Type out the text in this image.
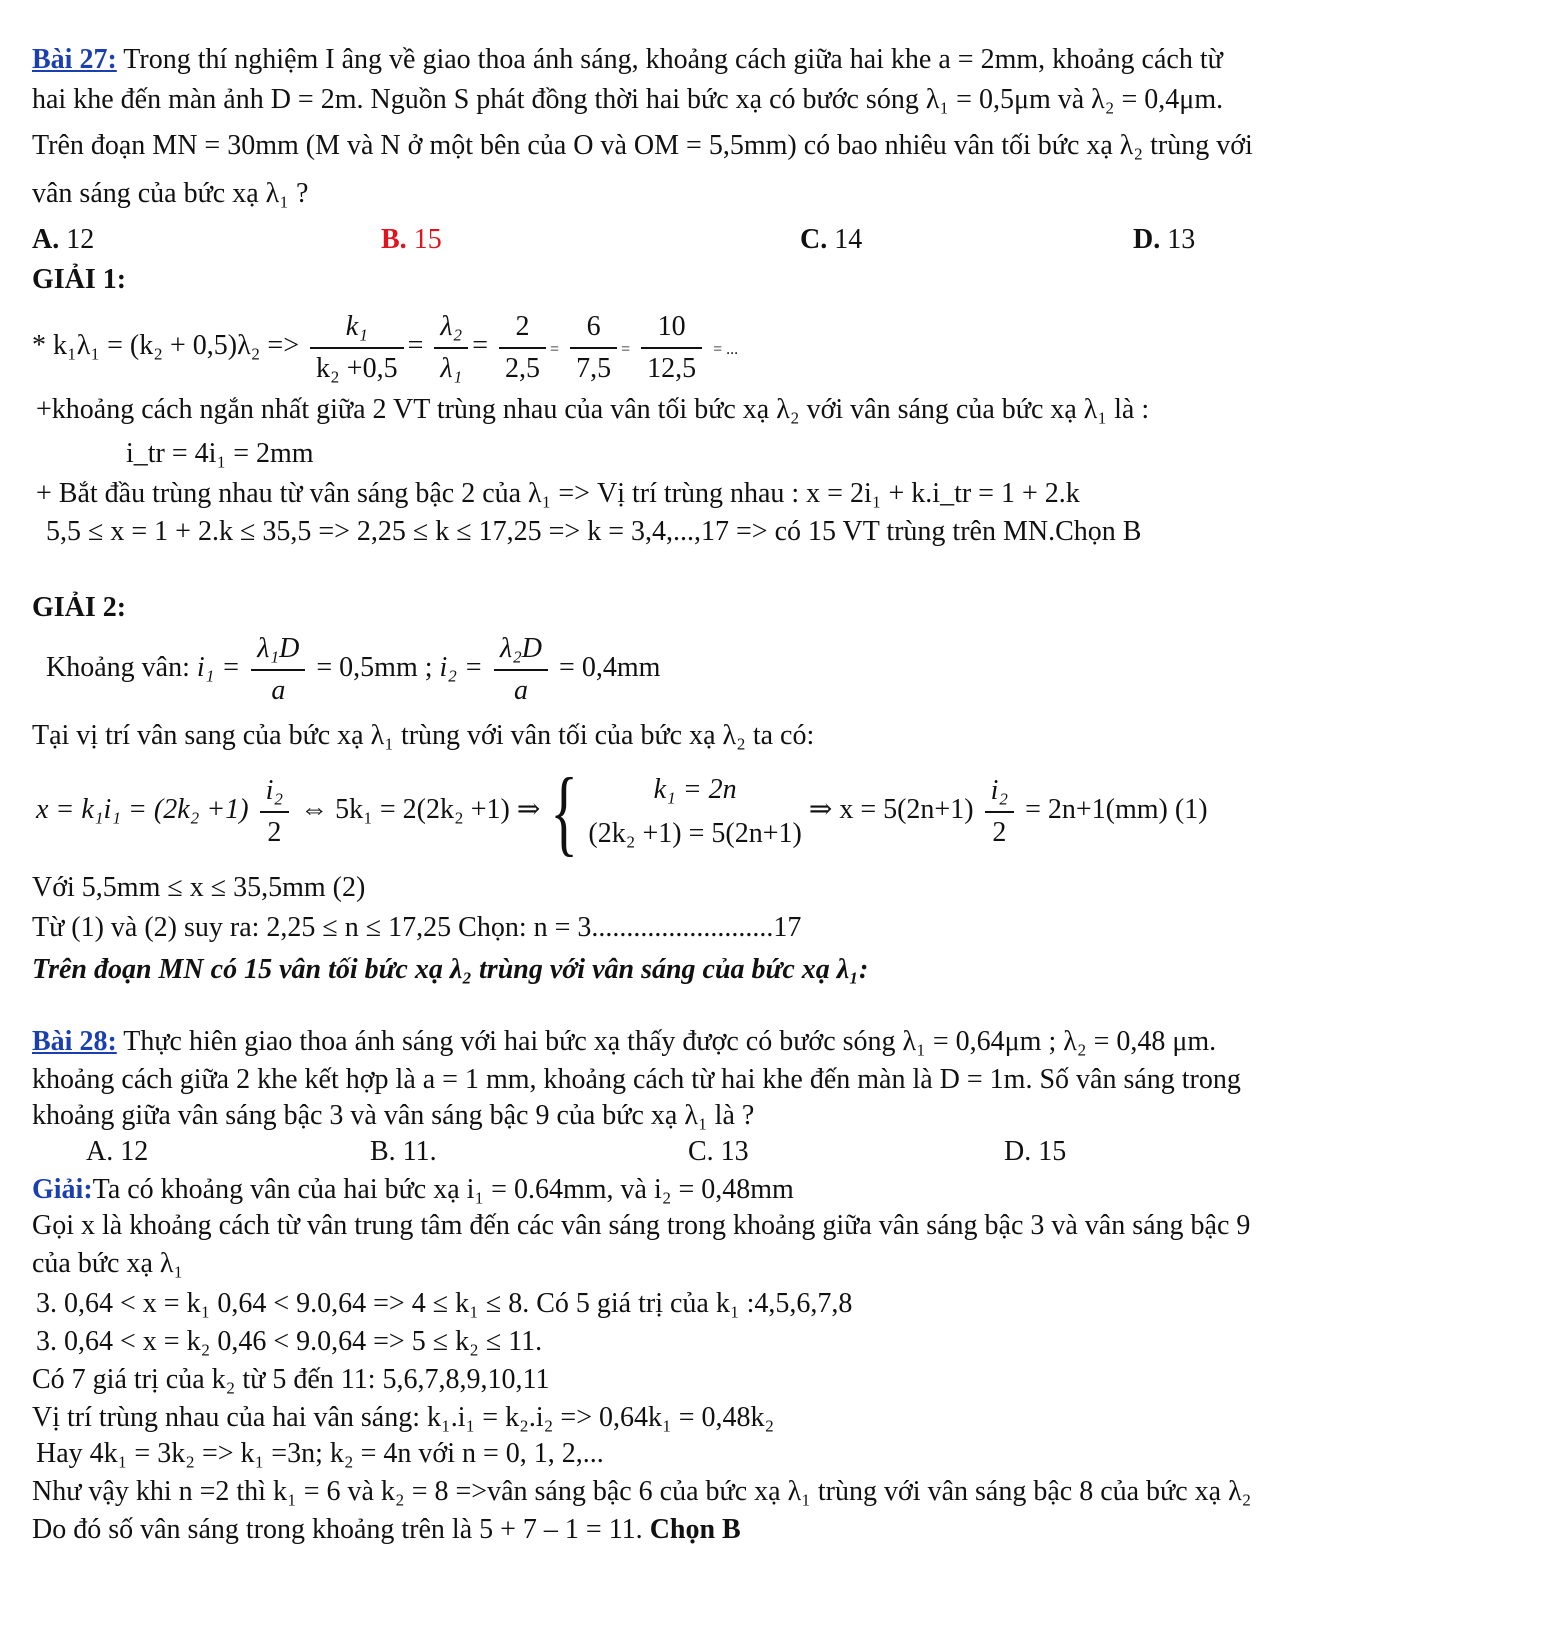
Bài 27: Trong thí nghiệm I âng về giao thoa ánh sáng, khoảng cách giữa hai khe a = 2mm, khoảng cách từ
hai khe đến màn ảnh D = 2m. Nguồn S phát đồng thời hai bức xạ có bước sóng λ₁ = 0,5μm và λ₂ = 0,4μm.
Trên đoạn MN = 30mm (M và N ở một bên của O và OM = 5,5mm) có bao nhiêu vân tối bức xạ λ₂ trùng với
vân sáng của bức xạ λ₁ ?
A. 12	B. 15	C. 14	D. 13
GIẢI 1:
* $k_1\lambda_1 = (k_2 + 0,5)\lambda_2 => \frac{\text{k₁}}{\text{k₂ +0,5}} = \frac{\text{λ₂}}{\text{λ₁}} = \frac{2}{2,5} = \frac{6}{7,5} = \frac{10}{12,5}$ = ...
+khoảng cách ngắn nhất giữa 2 VT trùng nhau của vân tối bức xạ λ₂ với vân sáng của bức xạ λ₁ là :
i_tr = 4i₁ = 2mm
+ Bắt đầu trùng nhau từ vân sáng bậc 2 của λ₁ => Vị trí trùng nhau : x = 2i₁ + k.i_tr = 1 + 2.k
5,5 ≤ x = 1 + 2.k ≤ 35,5 => 2,25 ≤ k ≤ 17,25 => k = 3,4,...,17 => có 15 VT trùng trên MN.Chọn B
GIẢI 2:
Khoảng vân: $i_1 = \frac{\text{λ₁D}}{a} = 0,5mm$ ; $i_2 = \frac{\text{λ₂D}}{a} = 0,4mm$
Tại vị trí vân sang của bức xạ λ₁ trùng với vân tối của bức xạ λ₂ ta có:
$x = k_1i_1 = (2k_2 +1) \frac{\text{i₂}}{2}$ ⇔ 5k₁ = 2(2k₂ +1) ⇒ {	k₁ = 2n
(2k₂ +1) = 5(2n+1)
⇒ $x = 5(2n+1) \frac{\text{i₂}}{2} = 2n+1(mm)$ (1)
Với 5,5mm ≤ x ≤ 35,5mm (2)
Từ (1) và (2) suy ra: 2,25 ≤ n ≤ 17,25 Chọn: n = 3..........................17
Trên đoạn MN có 15 vân tối bức xạ λ₂ trùng với vân sáng của bức xạ λ₁:
Bài 28: Thực hiên giao thoa ánh sáng với hai bức xạ thấy được có bước sóng λ₁ = 0,64μm ; λ₂ = 0,48 μm.
khoảng cách giữa 2 khe kết hợp là a = 1 mm, khoảng cách từ hai khe đến màn là D = 1m. Số vân sáng trong
khoảng giữa vân sáng bậc 3 và vân sáng bậc 9 của bức xạ λ₁ là ?
A. 12	B. 11.	C. 13	D. 15
Giải:Ta có khoảng vân của hai bức xạ i₁ = 0.64mm, và i₂ = 0,48mm
Gọi x là khoảng cách từ vân trung tâm đến các vân sáng trong khoảng giữa vân sáng bậc 3 và vân sáng bậc 9
của bức xạ λ₁
3. 0,64 < x = k₁ 0,64 < 9.0,64 => 4 ≤ k₁ ≤ 8. Có 5 giá trị của k₁ :4,5,6,7,8
3. 0,64 < x = k₂ 0,46 < 9.0,64 => 5 ≤ k₂ ≤ 11.
Có 7 giá trị của k₂ từ 5 đến 11: 5,6,7,8,9,10,11
Vị trí trùng nhau của hai vân sáng: k₁.i₁ = k₂.i₂ => 0,64k₁ = 0,48k₂
Hay 4k₁ = 3k₂ => k₁ =3n; k₂ = 4n với n = 0, 1, 2,...
Như vậy khi n =2 thì k₁ = 6 và k₂ = 8 =>vân sáng bậc 6 của bức xạ λ₁ trùng với vân sáng bậc 8 của bức xạ λ₂
Do đó số vân sáng trong khoảng trên là 5 + 7 – 1 = 11. Chọn B
